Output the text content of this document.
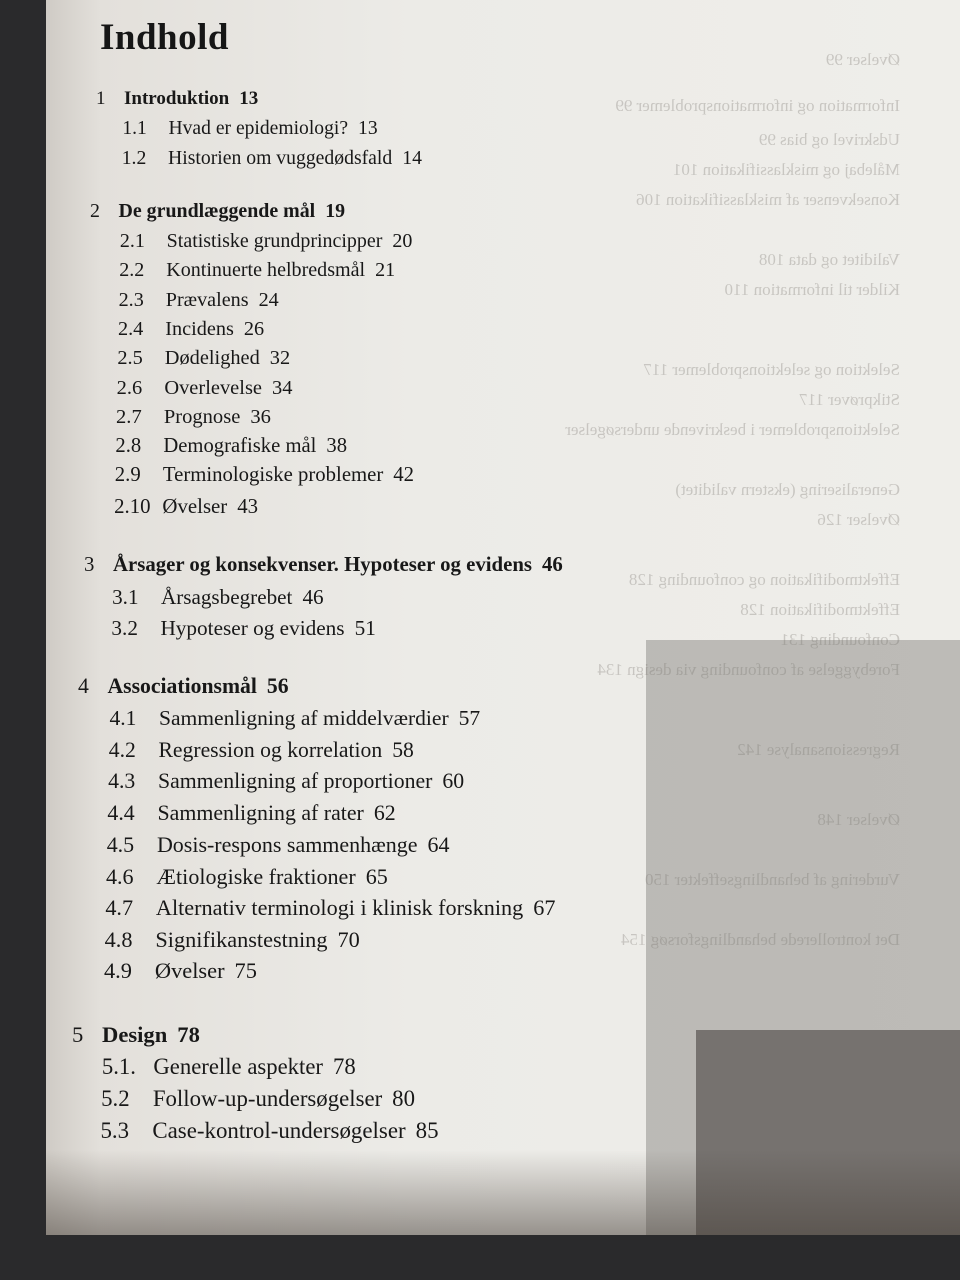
Øvelser 99
Information og informationsproblemer 99
Udskrivel og bias 99
Målebaj og misklassifikation 101
Konsekvenser af misklassifikation 106
Validitet og data 108
Kilder til information 110
Selektion og selektionsproblemer 117
Stikprøver 117
Selektionsproblemer i beskrivende undersøgelser
Generalisering (ekstern validitet)
Øvelser 126
Effektmodifikation og confounding 128
Effektmodifikation 128
Confounding 131
Forebyggelse af confounding via design 134
Regressionsanalyse 142
Øvelser 148
Vurdering af behandlingseffekter 150
Det kontrollerede behandlingsforsøg 154
Indhold
1 Introduktion 13
1.1	Hvad er epidemiologi? 13
1.2	Historien om vuggedødsfald 14
2 De grundlæggende mål 19
2.1	Statistiske grundprincipper 20
2.2	Kontinuerte helbredsmål 21
2.3	Prævalens 24
2.4	Incidens 26
2.5	Dødelighed 32
2.6	Overlevelse 34
2.7	Prognose 36
2.8	Demografiske mål 38
2.9	Terminologiske problemer 42
2.10 Øvelser 43
3 Årsager og konsekvenser. Hypoteser og evidens 46
3.1	Årsagsbegrebet 46
3.2	Hypoteser og evidens 51
4 Associationsmål 56
4.1	Sammenligning af middelværdier 57
4.2	Regression og korrelation 58
4.3	Sammenligning af proportioner 60
4.4	Sammenligning af rater 62
4.5	Dosis-respons sammenhænge 64
4.6	Ætiologiske fraktioner 65
4.7	Alternativ terminologi i klinisk forskning 67
4.8	Signifikanstestning 70
4.9	Øvelser 75
5 Design 78
5.1. Generelle aspekter 78
5.2	Follow-up-undersøgelser 80
5.3	Case-kontrol-undersøgelser 85
